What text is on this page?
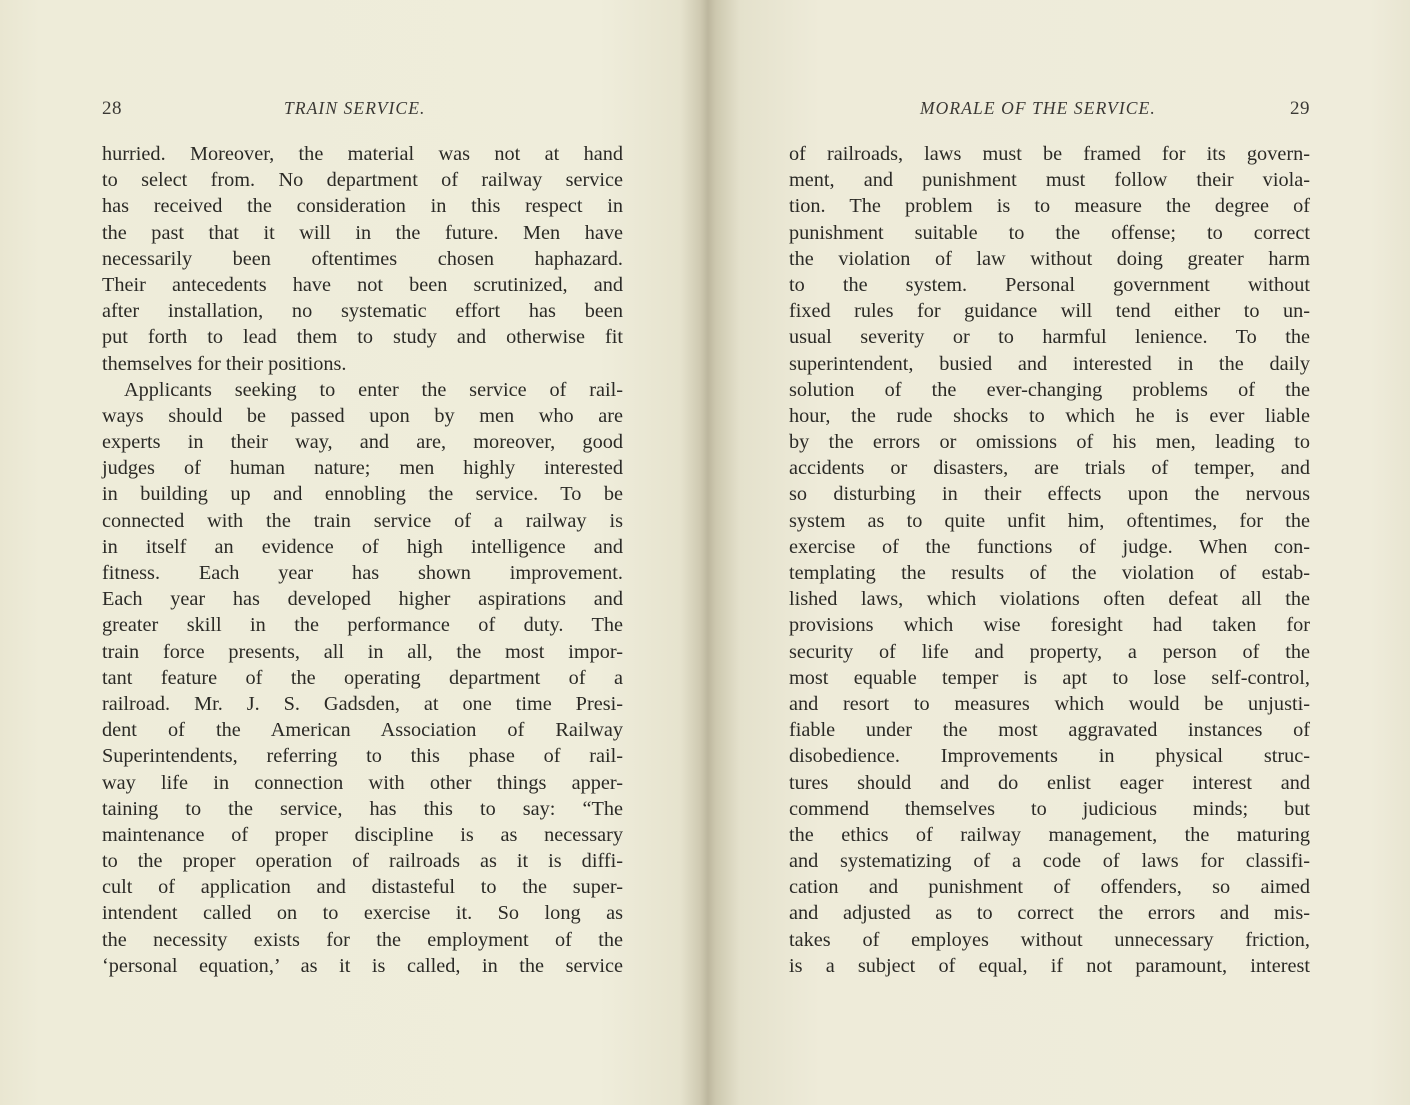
28	TRAIN SERVICE.
hurried. Moreover, the material was not at hand
to select from. No department of railway service
has received the consideration in this respect in
the past that it will in the future. Men have
necessarily been oftentimes chosen haphazard.
Their antecedents have not been scrutinized, and
after installation, no systematic effort has been
put forth to lead them to study and otherwise fit
themselves for their positions.
Applicants seeking to enter the service of rail-
ways should be passed upon by men who are
experts in their way, and are, moreover, good
judges of human nature; men highly interested
in building up and ennobling the service. To be
connected with the train service of a railway is
in itself an evidence of high intelligence and
fitness. Each year has shown improvement.
Each year has developed higher aspirations and
greater skill in the performance of duty. The
train force presents, all in all, the most impor-
tant feature of the operating department of a
railroad. Mr. J. S. Gadsden, at one time Presi-
dent of the American Association of Railway
Superintendents, referring to this phase of rail-
way life in connection with other things apper-
taining to the service, has this to say: “The
maintenance of proper discipline is as necessary
to the proper operation of railroads as it is diffi-
cult of application and distasteful to the super-
intendent called on to exercise it. So long as
the necessity exists for the employment of the
‘personal equation,’ as it is called, in the service
MORALE OF THE SERVICE.	29
of railroads, laws must be framed for its govern-
ment, and punishment must follow their viola-
tion. The problem is to measure the degree of
punishment suitable to the offense; to correct
the violation of law without doing greater harm
to the system. Personal government without
fixed rules for guidance will tend either to un-
usual severity or to harmful lenience. To the
superintendent, busied and interested in the daily
solution of the ever-changing problems of the
hour, the rude shocks to which he is ever liable
by the errors or omissions of his men, leading to
accidents or disasters, are trials of temper, and
so disturbing in their effects upon the nervous
system as to quite unfit him, oftentimes, for the
exercise of the functions of judge. When con-
templating the results of the violation of estab-
lished laws, which violations often defeat all the
provisions which wise foresight had taken for
security of life and property, a person of the
most equable temper is apt to lose self-control,
and resort to measures which would be unjusti-
fiable under the most aggravated instances of
disobedience. Improvements in physical struc-
tures should and do enlist eager interest and
commend themselves to judicious minds; but
the ethics of railway management, the maturing
and systematizing of a code of laws for classifi-
cation and punishment of offenders, so aimed
and adjusted as to correct the errors and mis-
takes of employes without unnecessary friction,
is a subject of equal, if not paramount, interest
